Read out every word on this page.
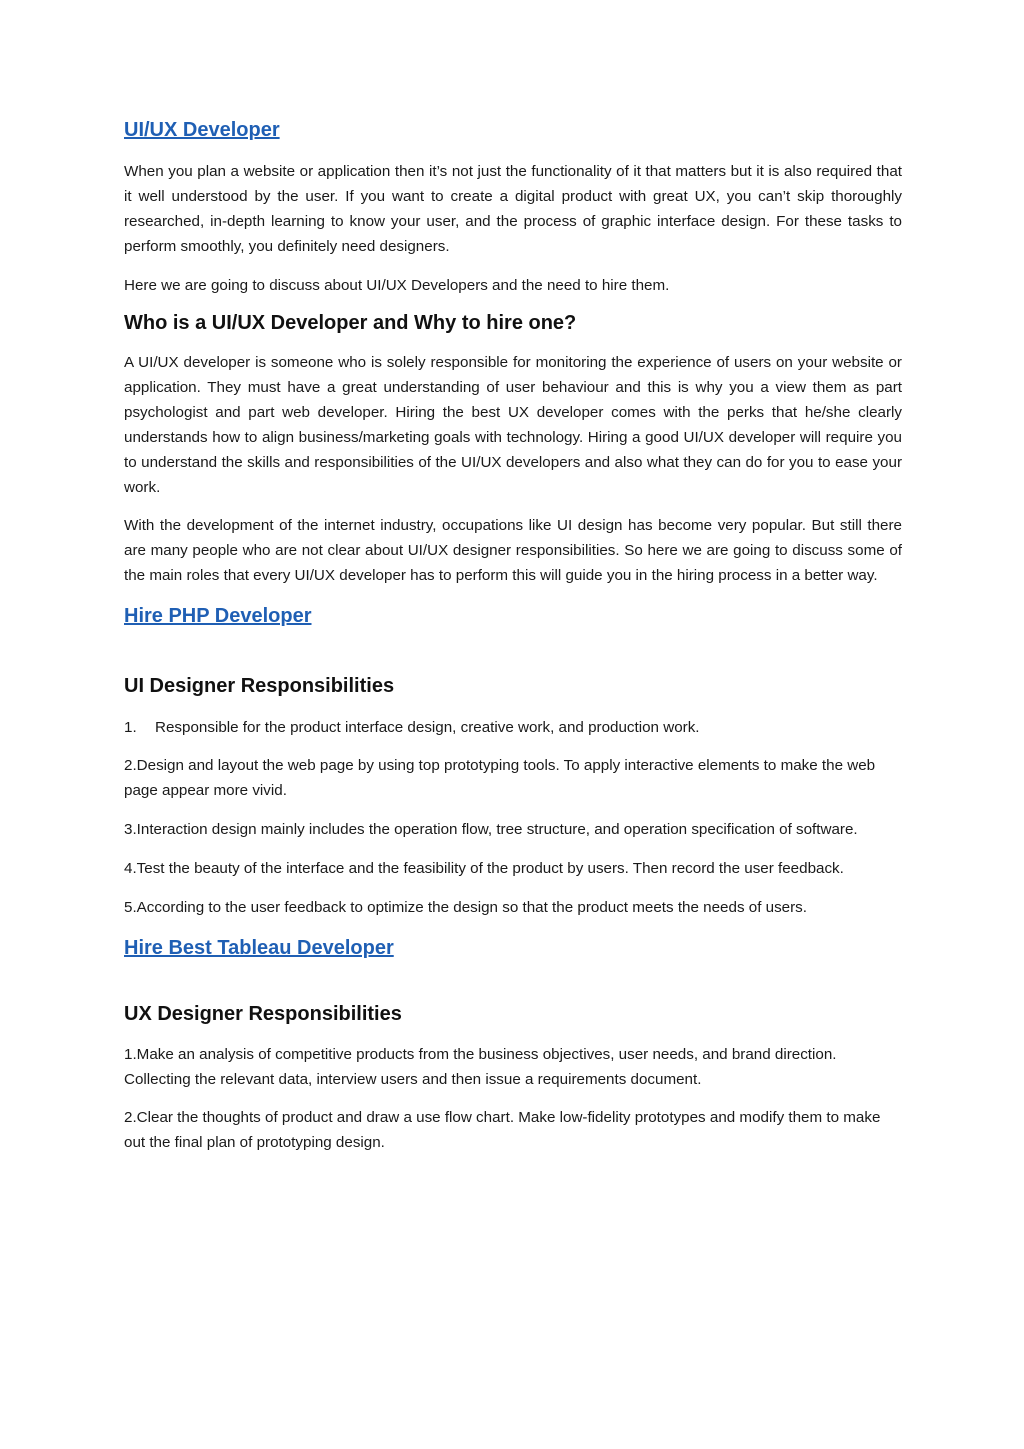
UI/UX Developer

When you plan a website or application then it’s not just the functionality of it that matters but it is also required that it well understood by the user. If you want to create a digital product with great UX, you can’t skip thoroughly researched, in-depth learning to know your user, and the process of graphic interface design. For these tasks to perform smoothly, you definitely need designers.

Here we are going to discuss about UI/UX Developers and the need to hire them.

Who is a UI/UX Developer and Why to hire one?

A UI/UX developer is someone who is solely responsible for monitoring the experience of users on your website or application. They must have a great understanding of user behaviour and this is why you a view them as part psychologist and part web developer. Hiring the best UX developer comes with the perks that he/she clearly understands how to align business/marketing goals with technology. Hiring a good UI/UX developer will require you to understand the skills and responsibilities of the UI/UX developers and also what they can do for you to ease your work.

With the development of the internet industry, occupations like UI design has become very popular. But still there are many people who are not clear about UI/UX designer responsibilities. So here we are going to discuss some of the main roles that every UI/UX developer has to perform this will guide you in the hiring process in a better way.

Hire PHP Developer
UI Designer Responsibilities

1.	Responsible for the product interface design, creative work, and production work.

2.Design and layout the web page by using top prototyping tools. To apply interactive elements to make the web page appear more vivid.

3.Interaction design mainly includes the operation flow, tree structure, and operation specification of software.

4.Test the beauty of the interface and the feasibility of the product by users. Then record the user feedback.

5.According to the user feedback to optimize the design so that the product meets the needs of users.

Hire Best Tableau Developer
UX Designer Responsibilities

1.Make an analysis of competitive products from the business objectives, user needs, and brand direction. Collecting the relevant data, interview users and then issue a requirements document.

2.Clear the thoughts of product and draw a use flow chart. Make low-fidelity prototypes and modify them to make out the final plan of prototyping design.
